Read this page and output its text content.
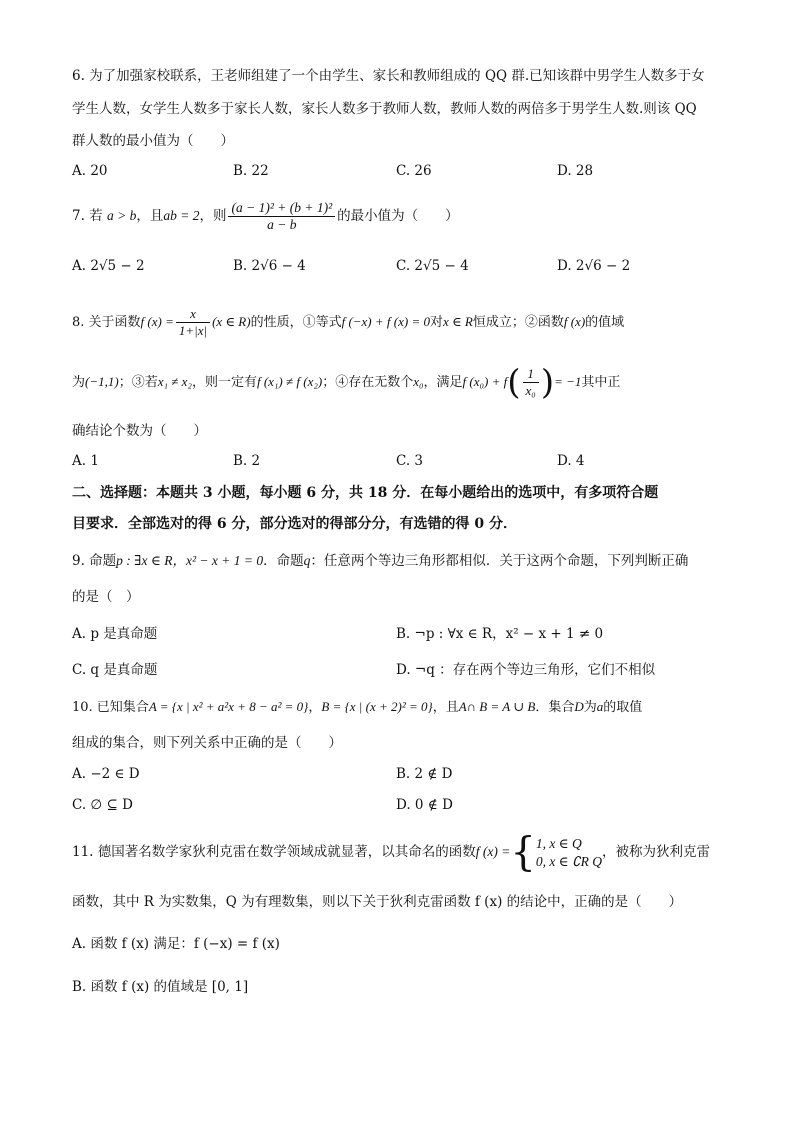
6. 为了加强家校联系，王老师组建了一个由学生、家长和教师组成的 QQ 群.已知该群中男学生人数多于女
学生人数，女学生人数多于家长人数，家长人数多于教师人数，教师人数的两倍多于男学生人数.则该 QQ
群人数的最小值为（　　）
A. 20	B. 22	C. 26	D. 28
7. 若 a > b，且ab = 2，则 $\frac{\text{(a − 1)² + (b + 1)²}}{a - b}$ 的最小值为（　　）
A. 2√5 − 2	B. 2√6 − 4	C. 2√5 − 4	D. 2√6 − 2
8. 关于函数f $(x) = \frac{x}{1+|x|} (x$ ∈ R)的性质，①等式f (−x) + f (x) = 0对x ∈ R恒成立；②函数f (x)的值域
为(−1,1)；③若x₁ ≠ x₂，则一定有f (x₁) ≠ f (x₂)；④存在无数个x₀，满足f $(x_0) + f( \frac{1}{\text{x₀}}$ )= −1其中正
确结论个数为（　　）
A. 1	B. 2	C. 3	D. 4
二、选择题：本题共 3 小题，每小题 6 分，共 18 分．在每小题给出的选项中，有多项符合题
目要求．全部选对的得 6 分，部分选对的得部分分，有选错的得 0 分．
9. 命题p : ∃x ∈ R，x² − x + 1 = 0．命题q：任意两个等边三角形都相似．关于这两个命题，下列判断正确
的是（　）
A. p 是真命题	B. ¬p : ∀x ∈ R，x² − x + 1 ≠ 0
C. q 是真命题	D. ¬q ：存在两个等边三角形，它们不相似
10. 已知集合A = {x | x² + a²x + 8 − a² = 0}，B = {x | (x + 2)² = 0}，且A∩ B = A ∪ B．集合D为a的取值
组成的集合，则下列关系中正确的是（　　）
A. −2 ∈ D	B. 2 ∉ D
C. ∅ ⊆ D	D. 0 ∉ D
11. 德国著名数学家狄利克雷在数学领域成就显著，以其命名的函数f (x) ={ 1, x ∈ Q
0, x ∈ ∁R Q
，被称为狄利克雷
函数，其中 R 为实数集，Q 为有理数集，则以下关于狄利克雷函数 f (x) 的结论中，正确的是（　　）
A. 函数 f (x) 满足：f (−x) = f (x)
B. 函数 f (x) 的值域是 [0, 1]
